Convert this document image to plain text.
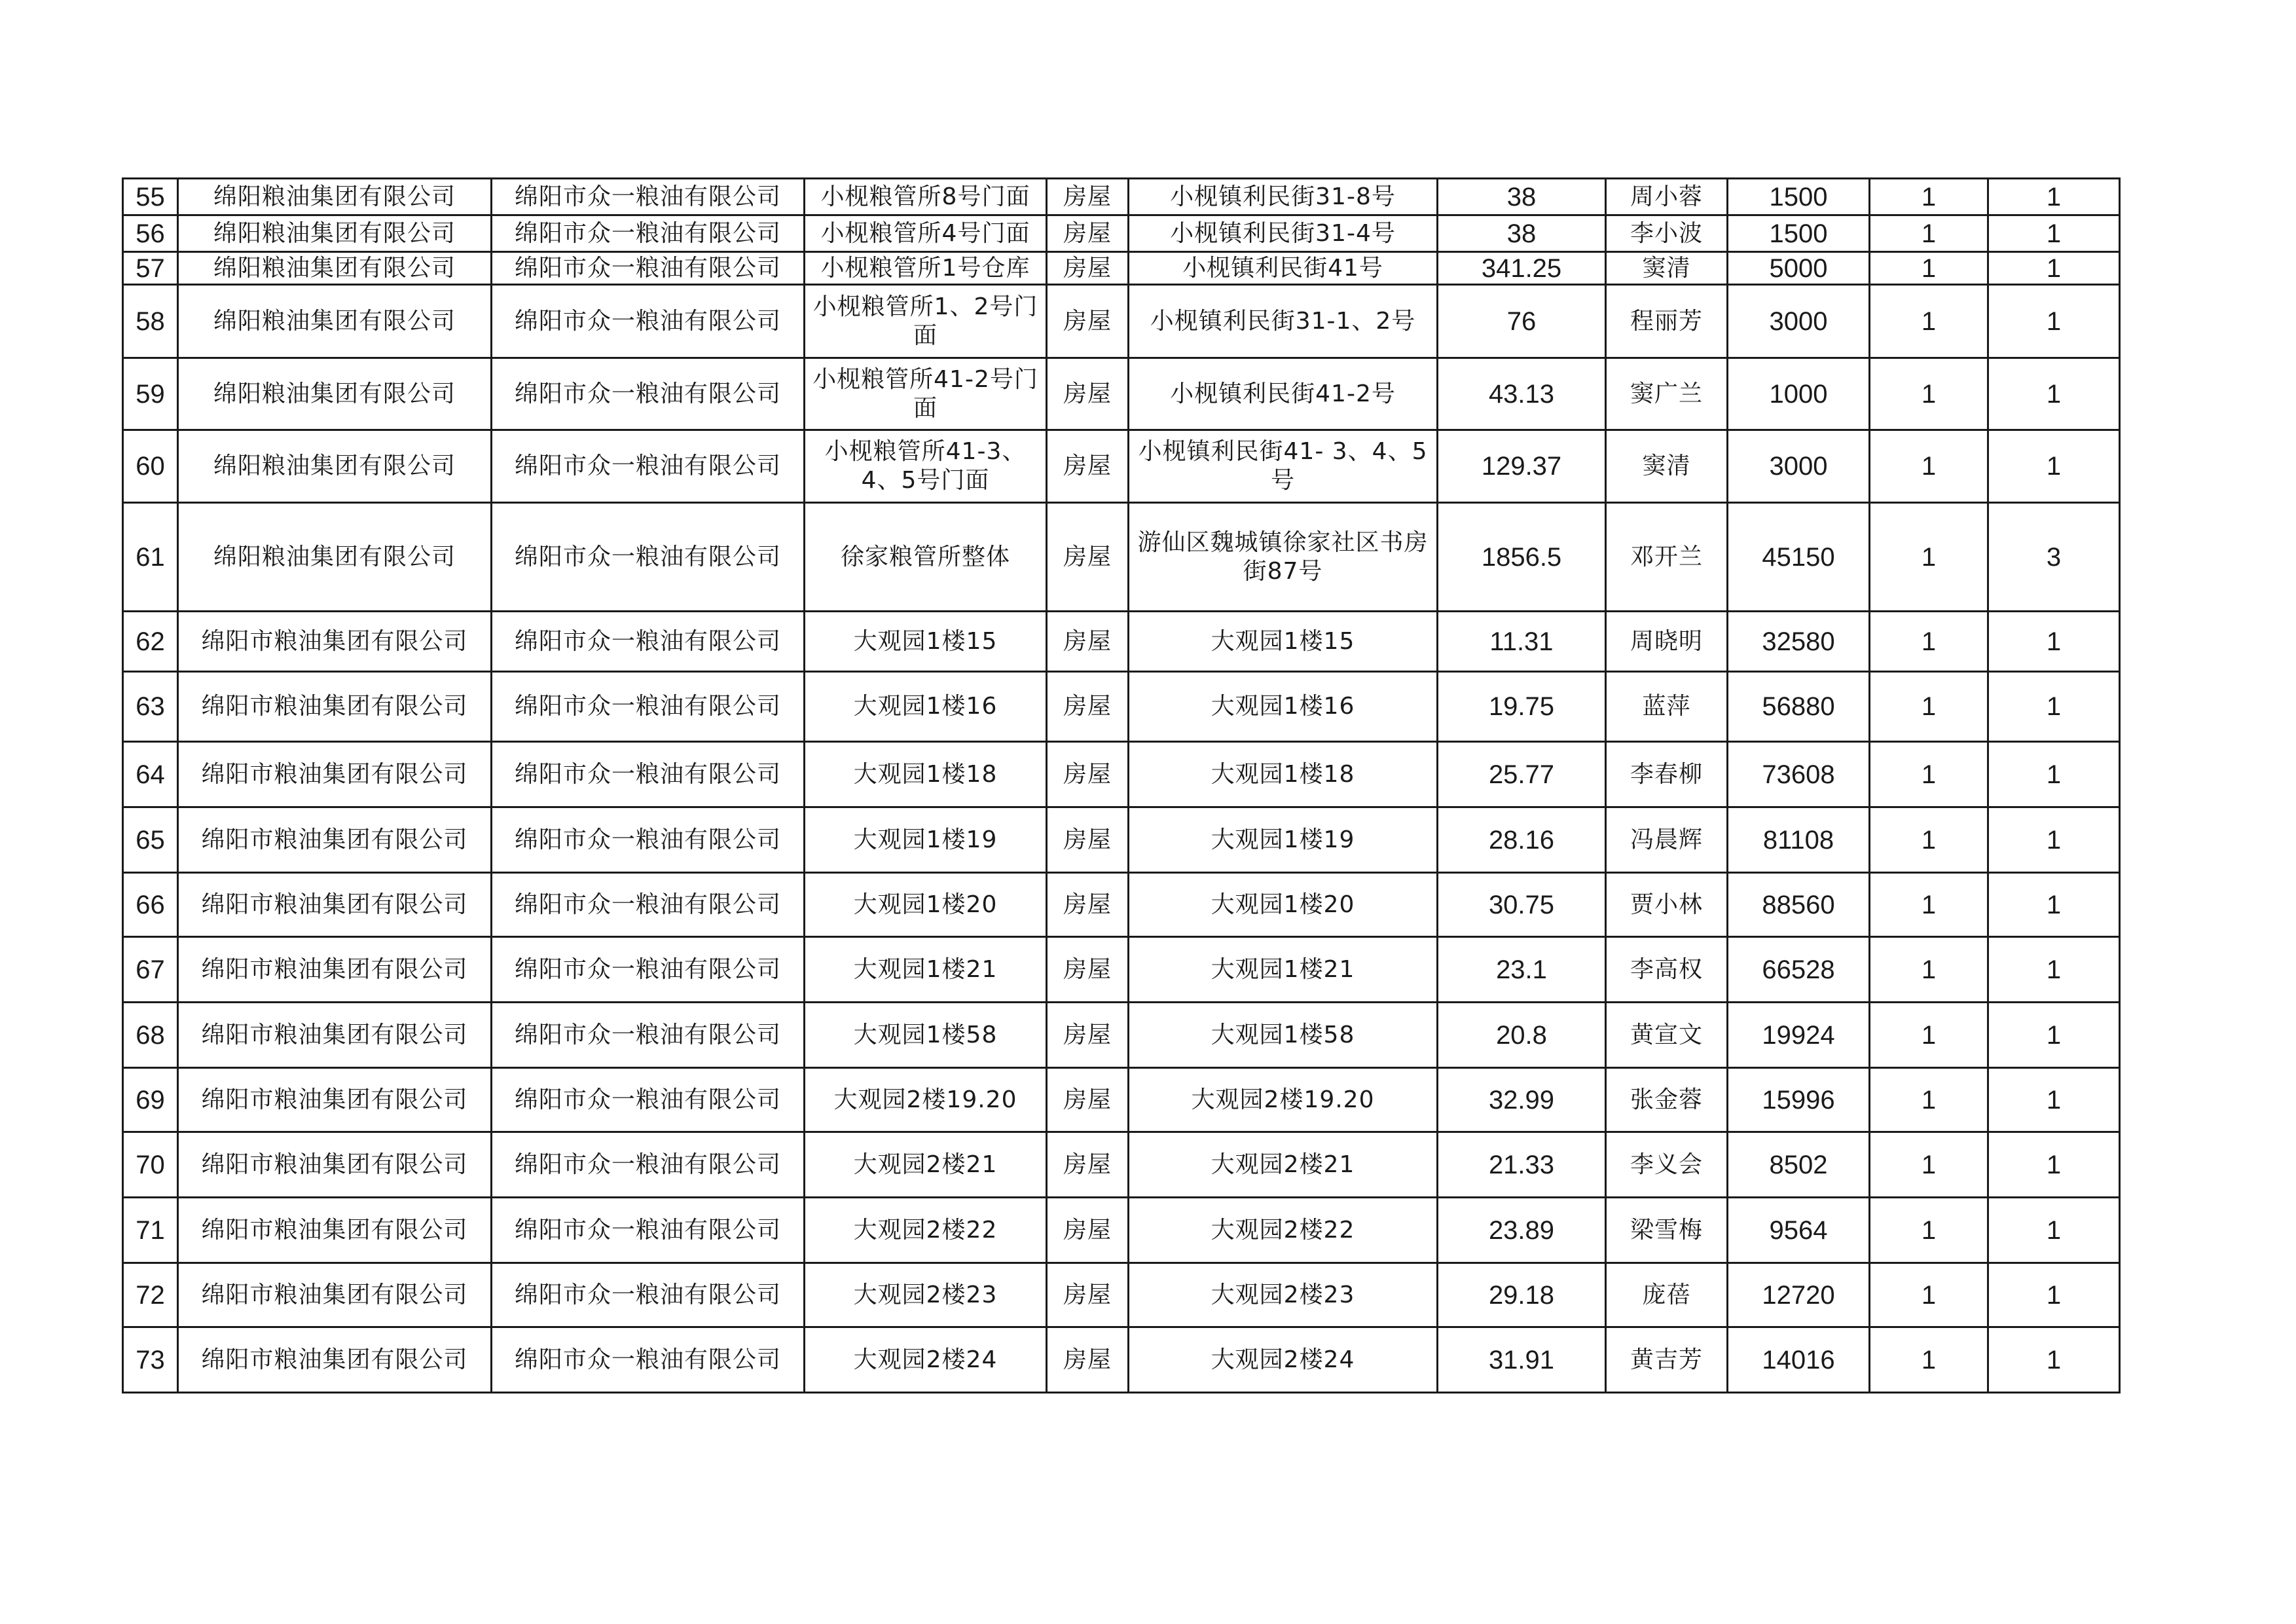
55	绵阳粮油集团有限公司	绵阳市众一粮油有限公司	小枧粮管所8号门面	房屋	小枧镇利民街31-8号	38	周小蓉	1500	1	1
56	绵阳粮油集团有限公司	绵阳市众一粮油有限公司	小枧粮管所4号门面	房屋	小枧镇利民街31-4号	38	李小波	1500	1	1
57	绵阳粮油集团有限公司	绵阳市众一粮油有限公司	小枧粮管所1号仓库	房屋	小枧镇利民街41号	341.25	窦清	5000	1	1
58	绵阳粮油集团有限公司	绵阳市众一粮油有限公司	小枧粮管所1、2号门面	房屋	小枧镇利民街31-1、2号	76	程丽芳	3000	1	1
59	绵阳粮油集团有限公司	绵阳市众一粮油有限公司	小枧粮管所41-2号门面	房屋	小枧镇利民街41-2号	43.13	窦广兰	1000	1	1
60	绵阳粮油集团有限公司	绵阳市众一粮油有限公司	小枧粮管所41-3、4、5号门面	房屋	小枧镇利民街41- 3、4、5号	129.37	窦清	3000	1	1
61	绵阳粮油集团有限公司	绵阳市众一粮油有限公司	徐家粮管所整体	房屋	游仙区魏城镇徐家社区书房街87号	1856.5	邓开兰	45150	1	3
62	绵阳市粮油集团有限公司	绵阳市众一粮油有限公司	大观园1楼15	房屋	大观园1楼15	11.31	周晓明	32580	1	1
63	绵阳市粮油集团有限公司	绵阳市众一粮油有限公司	大观园1楼16	房屋	大观园1楼16	19.75	蓝萍	56880	1	1
64	绵阳市粮油集团有限公司	绵阳市众一粮油有限公司	大观园1楼18	房屋	大观园1楼18	25.77	李春柳	73608	1	1
65	绵阳市粮油集团有限公司	绵阳市众一粮油有限公司	大观园1楼19	房屋	大观园1楼19	28.16	冯晨辉	81108	1	1
66	绵阳市粮油集团有限公司	绵阳市众一粮油有限公司	大观园1楼20	房屋	大观园1楼20	30.75	贾小林	88560	1	1
67	绵阳市粮油集团有限公司	绵阳市众一粮油有限公司	大观园1楼21	房屋	大观园1楼21	23.1	李高权	66528	1	1
68	绵阳市粮油集团有限公司	绵阳市众一粮油有限公司	大观园1楼58	房屋	大观园1楼58	20.8	黄宣文	19924	1	1
69	绵阳市粮油集团有限公司	绵阳市众一粮油有限公司	大观园2楼19.20	房屋	大观园2楼19.20	32.99	张金蓉	15996	1	1
70	绵阳市粮油集团有限公司	绵阳市众一粮油有限公司	大观园2楼21	房屋	大观园2楼21	21.33	李义会	8502	1	1
71	绵阳市粮油集团有限公司	绵阳市众一粮油有限公司	大观园2楼22	房屋	大观园2楼22	23.89	梁雪梅	9564	1	1
72	绵阳市粮油集团有限公司	绵阳市众一粮油有限公司	大观园2楼23	房屋	大观园2楼23	29.18	庞蓓	12720	1	1
73	绵阳市粮油集团有限公司	绵阳市众一粮油有限公司	大观园2楼24	房屋	大观园2楼24	31.91	黄吉芳	14016	1	1
